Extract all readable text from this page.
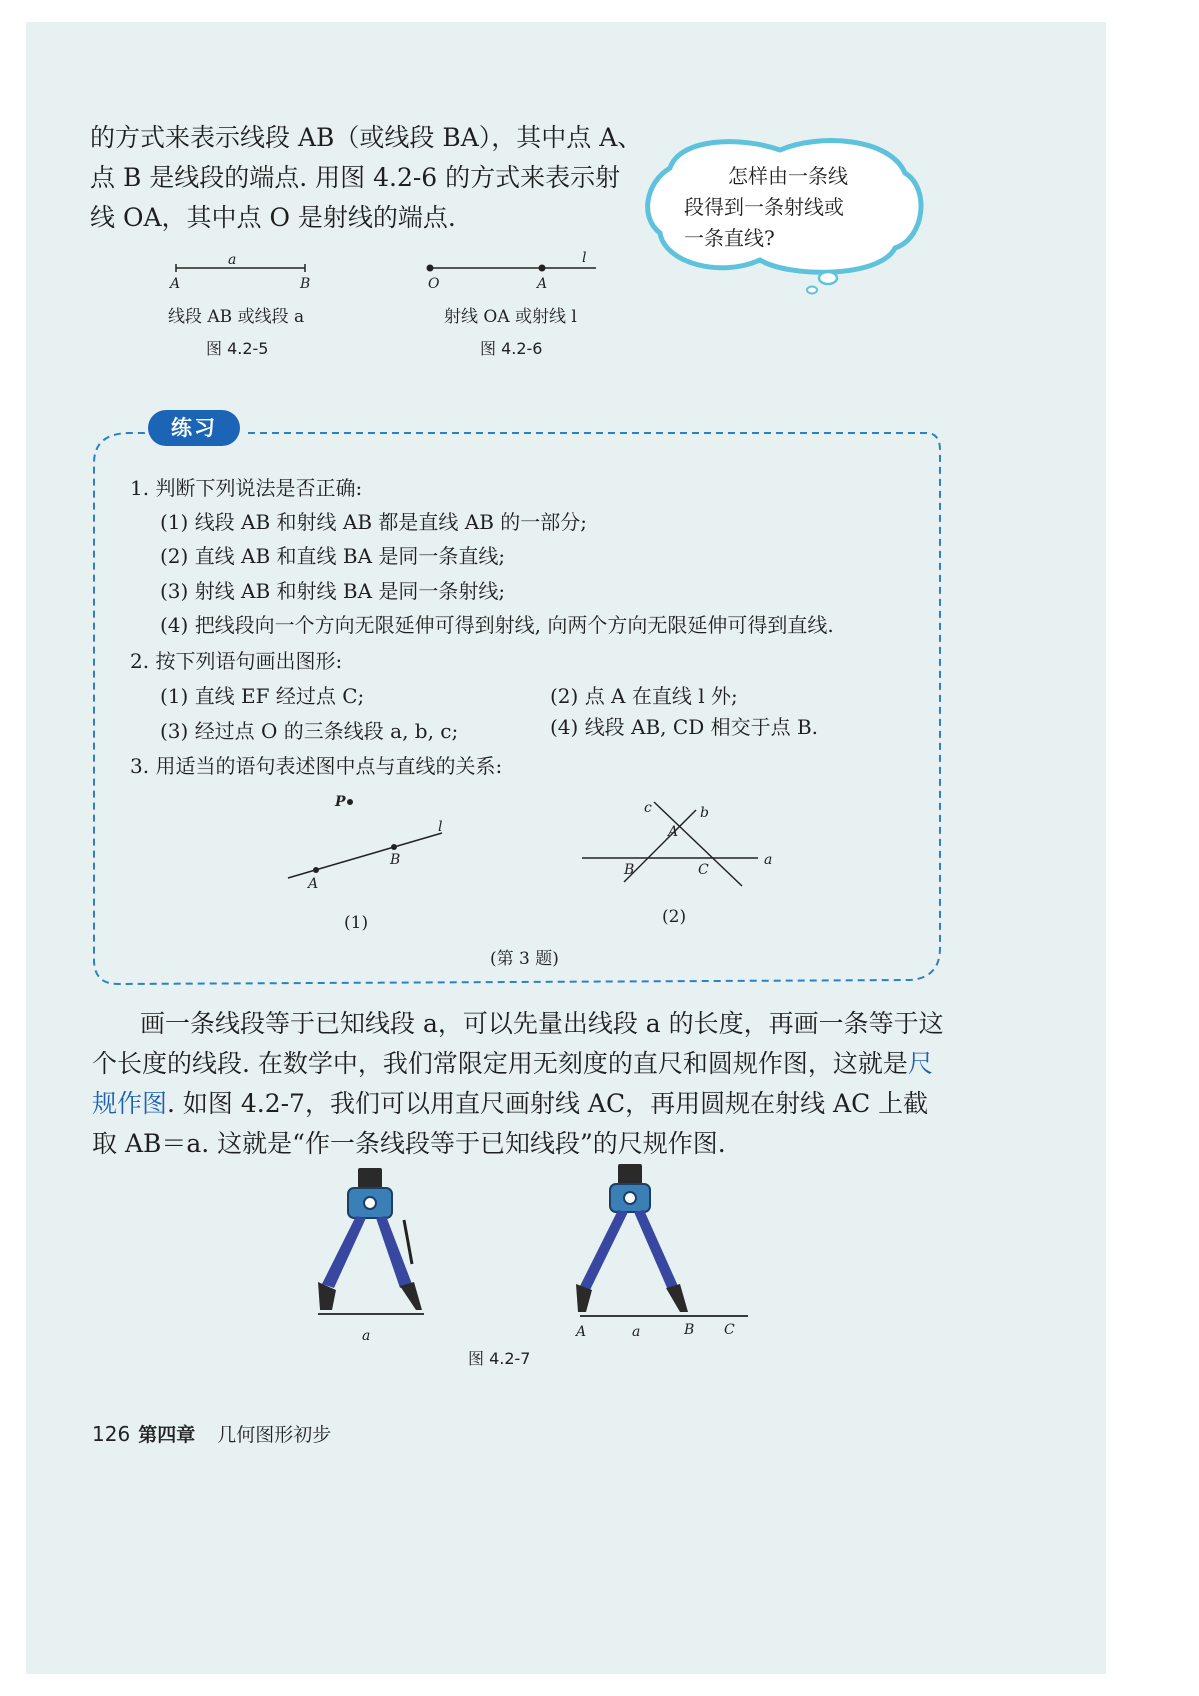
的方式来表示线段 AB（或线段 BA），其中点 A、
点 B 是线段的端点. 用图 4.2-6 的方式来表示射
线 OA，其中点 O 是射线的端点.
怎样由一条线
段得到一条射线或
一条直线?
a
A	B
线段 AB 或线段 a
图 4.2-5
l
O	A
射线 OA 或射线 l
图 4.2-6
练习
1. 判断下列说法是否正确:
(1) 线段 AB 和射线 AB 都是直线 AB 的一部分;
(2) 直线 AB 和直线 BA 是同一条直线;
(3) 射线 AB 和射线 BA 是同一条射线;
(4) 把线段向一个方向无限延伸可得到射线, 向两个方向无限延伸可得到直线.
2. 按下列语句画出图形:
(1) 直线 EF 经过点 C;	(2) 点 A 在直线 l 外;
(3) 经过点 O 的三条线段 a, b, c;	(4) 线段 AB, CD 相交于点 B.
3. 用适当的语句表述图中点与直线的关系:
P
l
B
A
(1)
c	b
A
B	C
a
(2)
(第 3 题)
画一条线段等于已知线段 a，可以先量出线段 a 的长度，再画一条等于这
个长度的线段. 在数学中，我们常限定用无刻度的直尺和圆规作图，这就是尺
规作图. 如图 4.2-7，我们可以用直尺画射线 AC，再用圆规在射线 AC 上截
取 AB＝a. 这就是“作一条线段等于已知线段”的尺规作图.
a	A	a	B C
图 4.2-7
126 第四章 几何图形初步
